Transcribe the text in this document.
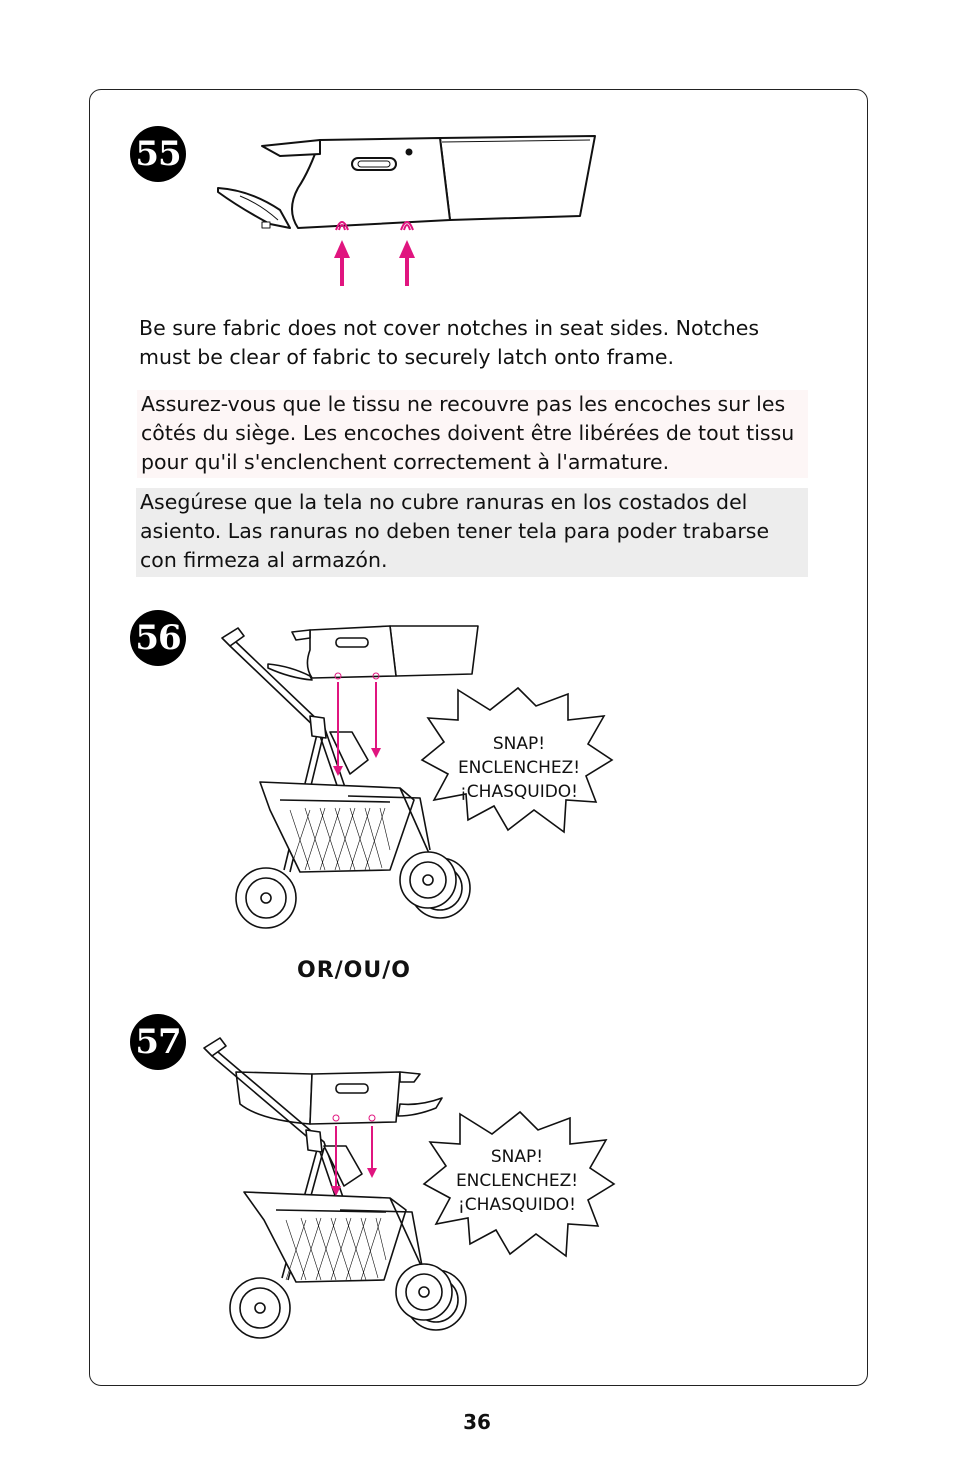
55
Be sure fabric does not cover notches in seat sides. Notches must be clear of fabric to securely latch onto frame.
Assurez-vous que le tissu ne recouvre pas les encoches sur les côtés du siège. Les encoches doivent être libérées de tout tissu pour qu'il s'enclenchent correctement à l'armature.
Asegúrese que la tela no cubre ranuras en los costados del asiento. Las ranuras no deben tener tela para poder trabarse con firmeza al armazón.
56
SNAP!
ENCLENCHEZ!
¡CHASQUIDO!
OR/OU/O
57
SNAP!
ENCLENCHEZ!
¡CHASQUIDO!
36
